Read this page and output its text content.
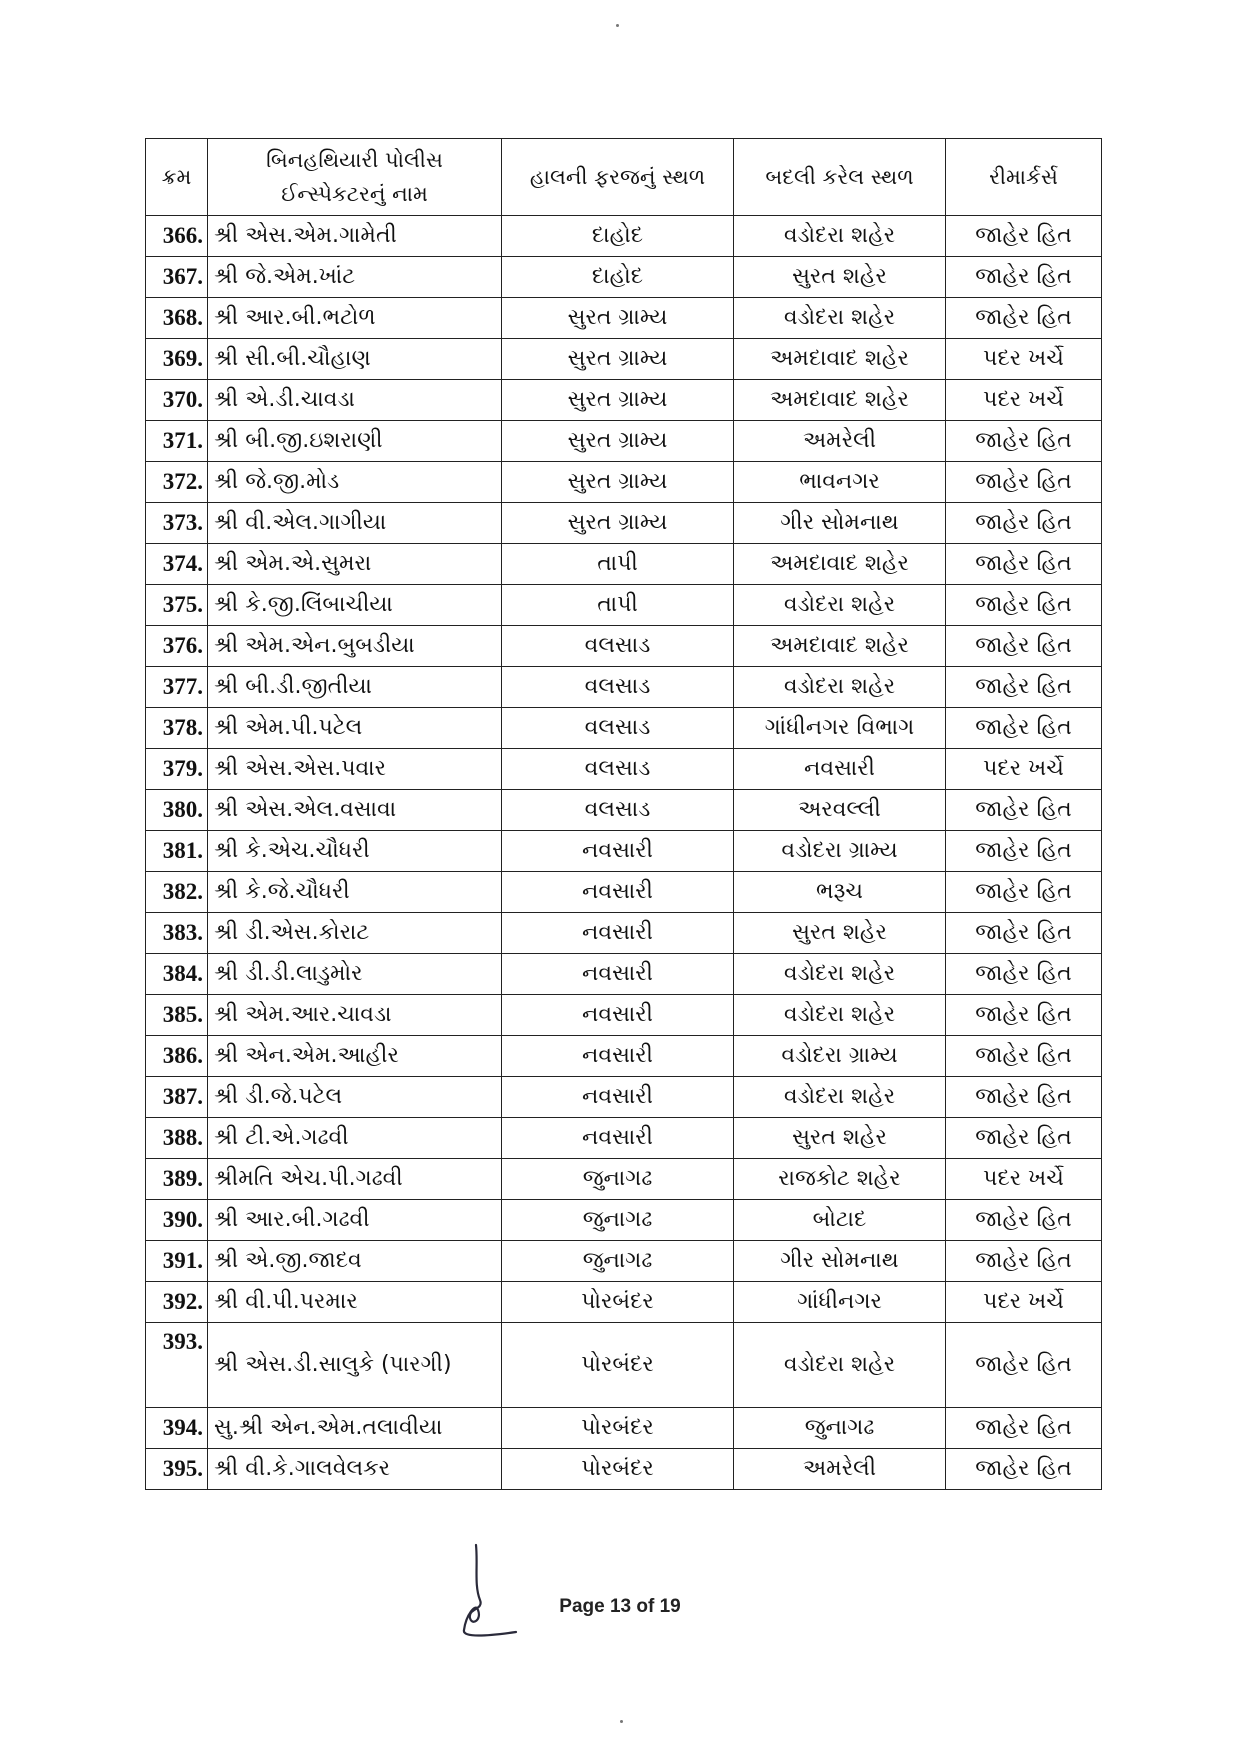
ક્રમ	બિનહથિયારી પોલીસ ઈન્સ્પેકટરનું નામ	હાલની ફરજનું સ્થળ	બદલી કરેલ સ્થળ	રીમાર્કર્સ
366.	શ્રી એસ.એમ.ગામેતી	દાહોદ	વડોદરા શહેર	જાહેર હિત
367.	શ્રી જે.એમ.ખાંટ	દાહોદ	સુરત શહેર	જાહેર હિત
368.	શ્રી આર.બી.ભટોળ	સુરત ગ્રામ્ય	વડોદરા શહેર	જાહેર હિત
369.	શ્રી સી.બી.ચૌહાણ	સુરત ગ્રામ્ય	અમદાવાદ શહેર	પદર ખર્ચે
370.	શ્રી એ.ડી.ચાવડા	સુરત ગ્રામ્ય	અમદાવાદ શહેર	પદર ખર્ચે
371.	શ્રી બી.જી.ઇશરાણી	સુરત ગ્રામ્ય	અમરેલી	જાહેર હિત
372.	શ્રી જે.જી.મોડ	સુરત ગ્રામ્ય	ભાવનગર	જાહેર હિત
373.	શ્રી વી.એલ.ગાગીયા	સુરત ગ્રામ્ય	ગીર સોમનાથ	જાહેર હિત
374.	શ્રી એમ.એ.સુમરા	તાપી	અમદાવાદ શહેર	જાહેર હિત
375.	શ્રી કે.જી.લિંબાચીયા	તાપી	વડોદરા શહેર	જાહેર હિત
376.	શ્રી એમ.એન.બુબડીયા	વલસાડ	અમદાવાદ શહેર	જાહેર હિત
377.	શ્રી બી.ડી.જીતીયા	વલસાડ	વડોદરા શહેર	જાહેર હિત
378.	શ્રી એમ.પી.પટેલ	વલસાડ	ગાંધીનગર વિભાગ	જાહેર હિત
379.	શ્રી એસ.એસ.પવાર	વલસાડ	નવસારી	પદર ખર્ચે
380.	શ્રી એસ.એલ.વસાવા	વલસાડ	અરવલ્લી	જાહેર હિત
381.	શ્રી કે.એચ.ચૌધરી	નવસારી	વડોદરા ગ્રામ્ય	જાહેર હિત
382.	શ્રી કે.જે.ચૌધરી	નવસારી	ભરૂચ	જાહેર હિત
383.	શ્રી ડી.એસ.કોરાટ	નવસારી	સુરત શહેર	જાહેર હિત
384.	શ્રી ડી.ડી.લાડુમોર	નવસારી	વડોદરા શહેર	જાહેર હિત
385.	શ્રી એમ.આર.ચાવડા	નવસારી	વડોદરા શહેર	જાહેર હિત
386.	શ્રી એન.એમ.આહીર	નવસારી	વડોદરા ગ્રામ્ય	જાહેર હિત
387.	શ્રી ડી.જે.પટેલ	નવસારી	વડોદરા શહેર	જાહેર હિત
388.	શ્રી ટી.એ.ગઢવી	નવસારી	સુરત શહેર	જાહેર હિત
389.	શ્રીમતિ એચ.પી.ગઢવી	જુનાગઢ	રાજકોટ શહેર	પદર ખર્ચે
390.	શ્રી આર.બી.ગઢવી	જુનાગઢ	બોટાદ	જાહેર હિત
391.	શ્રી એ.જી.જાદવ	જુનાગઢ	ગીર સોમનાથ	જાહેર હિત
392.	શ્રી વી.પી.પરમાર	પોરબંદર	ગાંધીનગર	પદર ખર્ચે
393.	શ્રી એસ.ડી.સાલુકે (પારગી)	પોરબંદર	વડોદરા શહેર	જાહેર હિત
394.	સુ.શ્રી એન.એમ.તલાવીયા	પોરબંદર	જુનાગઢ	જાહેર હિત
395.	શ્રી વી.કે.ગાલવેલકર	પોરબંદર	અમરેલી	જાહેર હિત
Page 13 of 19
